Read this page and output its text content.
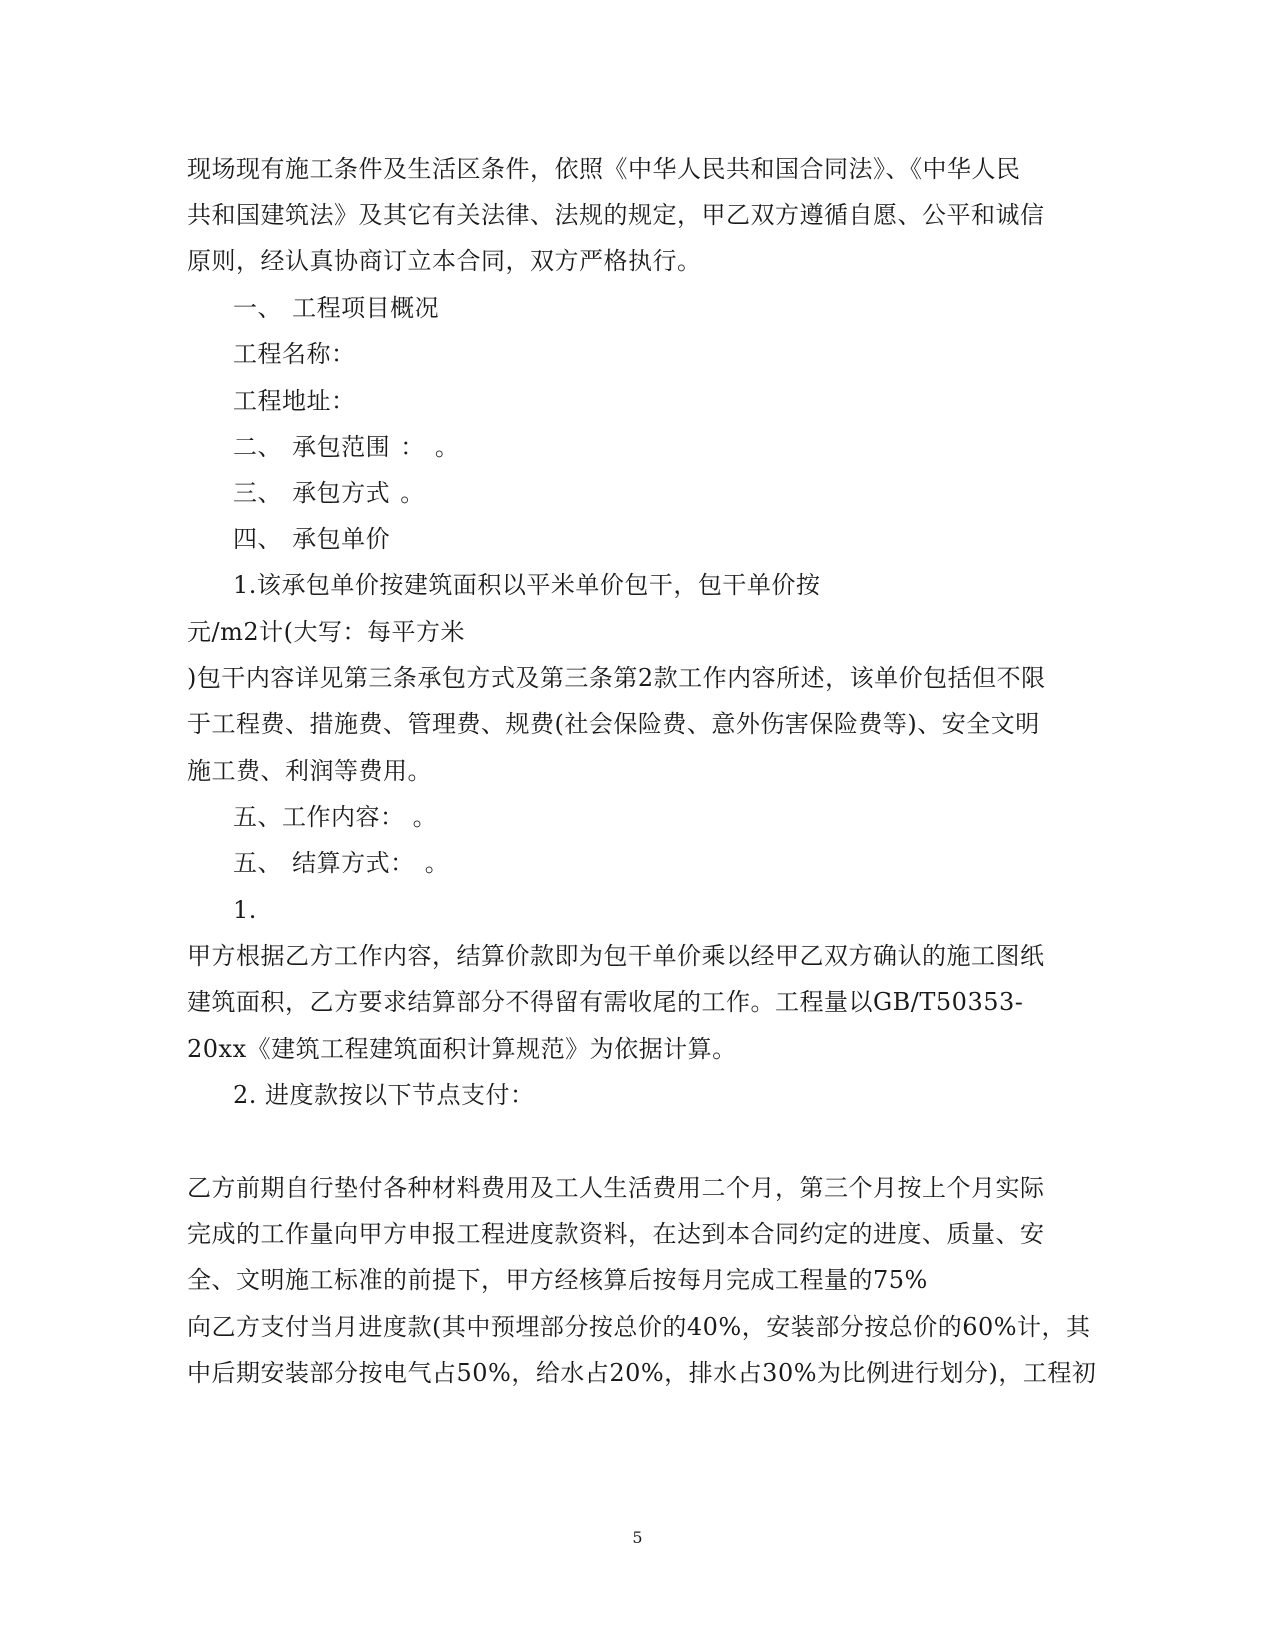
现场现有施工条件及生活区条件，依照《中华人民共和国合同法》、《中华人民
共和国建筑法》及其它有关法律、法规的规定，甲乙双方遵循自愿、公平和诚信
原则，经认真协商订立本合同，双方严格执行。
一、 工程项目概况
工程名称：
工程地址：
二、 承包范围 ： 。
三、 承包方式 。
四、 承包单价
1.该承包单价按建筑面积以平米单价包干，包干单价按
元/m2计(大写：每平方米
)包干内容详见第三条承包方式及第三条第2款工作内容所述，该单价包括但不限
于工程费、措施费、管理费、规费(社会保险费、意外伤害保险费等)、安全文明
施工费、利润等费用。
五、工作内容： 。
五、 结算方式： 。
1.
甲方根据乙方工作内容，结算价款即为包干单价乘以经甲乙双方确认的施工图纸
建筑面积，乙方要求结算部分不得留有需收尾的工作。工程量以GB/T50353-
20xx《建筑工程建筑面积计算规范》为依据计算。
2. 进度款按以下节点支付：
乙方前期自行垫付各种材料费用及工人生活费用二个月，第三个月按上个月实际
完成的工作量向甲方申报工程进度款资料，在达到本合同约定的进度、质量、安
全、文明施工标准的前提下，甲方经核算后按每月完成工程量的75%
向乙方支付当月进度款(其中预埋部分按总价的40%，安装部分按总价的60%计，其
中后期安装部分按电气占50%，给水占20%，排水占30%为比例进行划分)，工程初
5
